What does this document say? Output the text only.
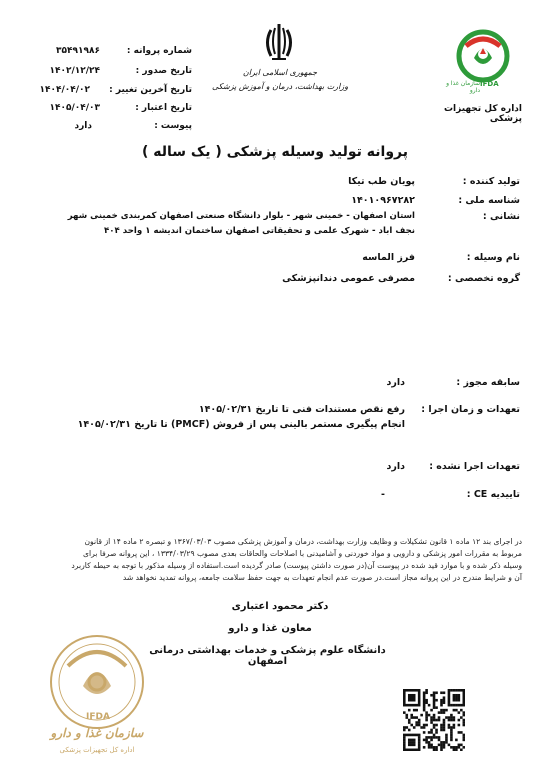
IFDA
سازمان غذا و دارو
اداره کل تجهیزات پزشکی
جمهوری اسلامی ایران
وزارت بهداشت، درمان و آموزش پزشکی
شماره پروانه :
۳۵۴۹۱۹۸۶
تاریخ صدور :
۱۴۰۲/۱۲/۲۴
تاریخ آخرین تغییر :
۱۴۰۴/۰۴/۰۲
تاریخ اعتبار :
۱۴۰۵/۰۴/۰۳
پیوست :
دارد
پروانه تولید وسیله پزشکی ( یک ساله )
تولید کننده :
پویان طب تیکا
شناسه ملی :
۱۴۰۱۰۹۶۷۲۸۲
نشانی :
استان اصفهان - خمینی شهر - بلوار دانشگاه صنعتی اصفهان کمربندی خمینی شهر
نجف اباد - شهرک علمی و تحقیقاتی اصفهان ساختمان اندیشه ۱ واحد ۴۰۴
نام وسیله :
فرز الماسه
گروه تخصصی :
مصرفی عمومی دندانپزشکی
سابقه مجوز :
دارد
تعهدات و زمان اجرا :
رفع نقص مستندات فنی تا تاریخ ۱۴۰۵/۰۲/۳۱
انجام پیگیری مستمر بالینی پس از فروش (PMCF) تا تاریخ ۱۴۰۵/۰۲/۳۱
تعهدات اجرا نشده :
دارد
تاییدیه CE :
-
در اجرای بند ۱۲ ماده ۱ قانون تشکیلات و وظایف وزارت بهداشت، درمان و آموزش پزشکی مصوب ۱۳۶۷/۰۳/۰۳ و تبصره ۲ ماده ۱۴ از قانون
مربوط به مقررات امور پزشکی و دارویی و مواد خوردنی و آشامیدنی با اصلاحات والحاقات بعدی مصوب ۱۳۳۴/۰۳/۲۹ ، این پروانه صرفا برای
وسیله ذکر شده و با موارد قید شده در پیوست آن(در صورت داشتن پیوست) صادر گردیده است.استفاده از وسیله مذکور با توجه به حیطه کاربرد
آن و شرایط مندرج در این پروانه مجاز است.در صورت عدم انجام تعهدات به جهت حفظ سلامت جامعه، پروانه تمدید نخواهد شد
IFDA
سازمان غذا و دارو
اداره کل تجهیزات پزشکی
دکتر محمود اعتباری
معاون غذا و دارو
دانشگاه علوم پزشکی و خدمات بهداشتی درمانی اصفهان
